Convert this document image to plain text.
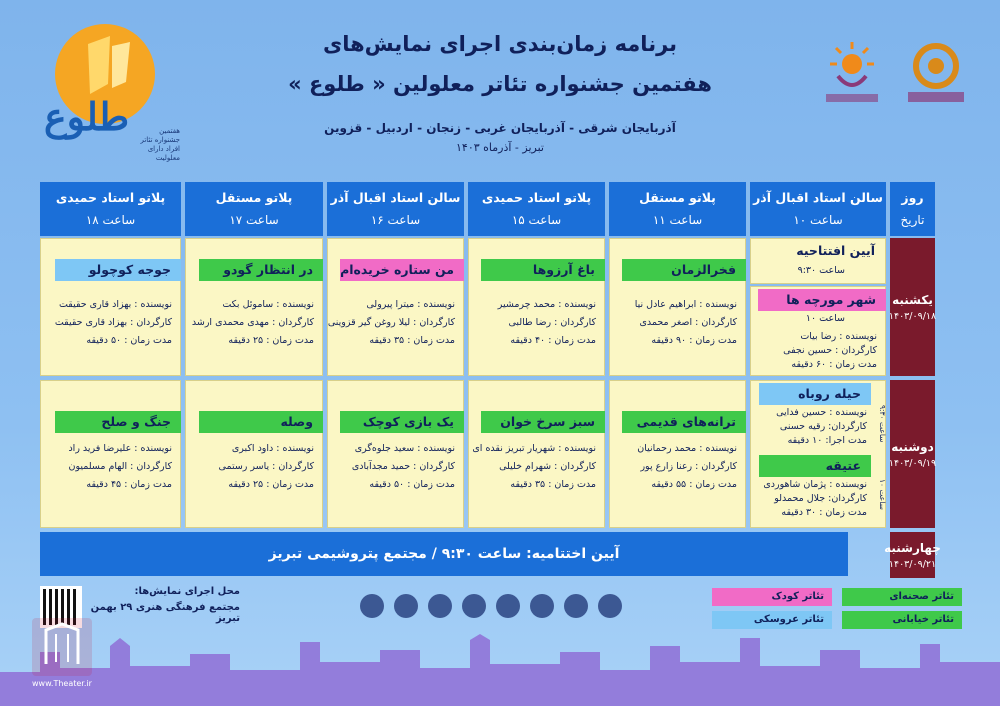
طلوع	هفتمین جشنواره تئاتر افراد دارای معلولیت
برنامه زمان‌بندی اجرای نمایش‌های
هفتمین جشنواره تئاتر معلولین « طلوع »
آذربایجان شرقی - آذربایجان غربی - زنجان - اردبیل - قزوین
تبریز - آذرماه ۱۴۰۳
روز
تاریخ
سالن استاد اقبال آذر
ساعت ۱۰
پلاتو مستقل
ساعت ۱۱
پلاتو استاد حمیدی
ساعت ۱۵
سالن استاد اقبال آذر
ساعت ۱۶
پلاتو مستقل
ساعت ۱۷
پلاتو استاد حمیدی
ساعت ۱۸
یکشنبه
۱۴۰۳/۰۹/۱۸
دوشنبه
۱۴۰۳/۰۹/۱۹
چهارشنبه
۱۴۰۳/۰۹/۲۱
آیین افتتاحیه
ساعت ۹:۳۰
شهر مورچه ها
ساعت ۱۰
نویسنده : رضا بیات
کارگردان : حسین نجفی
مدت زمان : ۶۰ دقیقه
فخرالزمان
نویسنده : ابراهیم عادل نیا
کارگردان : اصغر محمدی
مدت زمان : ۹۰ دقیقه
باغ آرزوها
نویسنده : محمد چرمشیر
کارگردان : رضا طالبی
مدت زمان : ۴۰ دقیقه
من ستاره خریده‌ام
نویسنده : میترا پیرولی
کارگردان : لیلا روغن گیر قزوینی
مدت زمان : ۳۵ دقیقه
در انتظار گودو
نویسنده : ساموئل بکت
کارگردان : مهدی محمدی ارشد
مدت زمان : ۲۵ دقیقه
جوجه کوچولو
نویسنده : بهزاد قاری حقیقت
کارگردان : بهزاد قاری حقیقت
مدت زمان : ۵۰ دقیقه
حیله روباه
نویسنده : حسین فدایی
کارگردان: رقیه حسنی
مدت اجرا: ۱۰ دقیقه
ساعت ۹:۳۰
عتیقه
نویسنده : پژمان شاهوردی
کارگردان: جلال محمدلو
مدت زمان : ۳۰ دقیقه
ساعت ۱۰
ترانه‌های قدیمی
نویسنده : محمد رحمانیان
کارگردان : رعنا زارع پور
مدت زمان : ۵۵ دقیقه
سبز سرخ خوان
نویسنده : شهریار تبریز نقده ای
کارگردان : شهرام خلیلی
مدت زمان : ۳۵ دقیقه
یک بازی کوچک
نویسنده : سعید جلوه‌گری
کارگردان : حمید مجدآبادی
مدت زمان : ۵۰ دقیقه
وصله
نویسنده : داود اکبری
کارگردان : یاسر رستمی
مدت زمان : ۲۵ دقیقه
جنگ و صلح
نویسنده : علیرضا فرید راد
کارگردان : الهام مسلمیون
مدت زمان : ۴۵ دقیقه
آیین اختتامیه: ساعت ۹:۳۰ / مجتمع پتروشیمی تبریز
تئاتر صحنه‌ای
تئاتر کودک
تئاتر خیابانی
تئاتر عروسکی
محل اجرای نمایش‌ها:
مجتمع فرهنگی هنری ۲۹ بهمن تبریز
www.Theater.ir
